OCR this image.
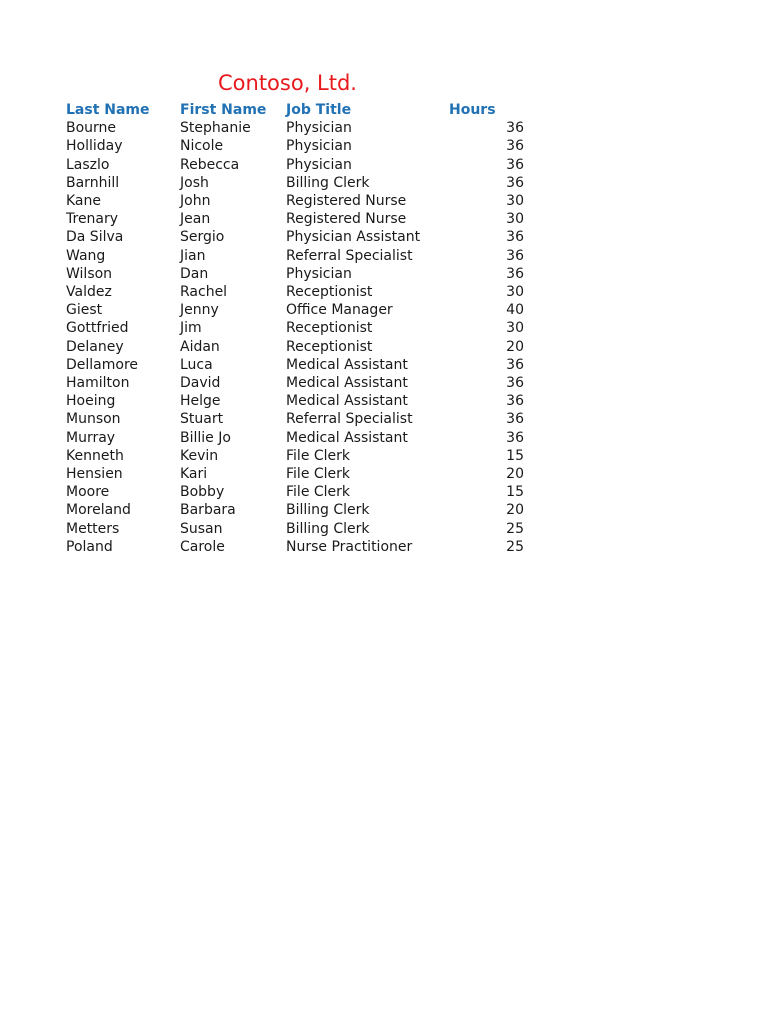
Contoso, Ltd.
Last Name	First Name	Job Title	Hours
Bourne	Stephanie	Physician	36
Holliday	Nicole	Physician	36
Laszlo	Rebecca	Physician	36
Barnhill	Josh	Billing Clerk	36
Kane	John	Registered Nurse	30
Trenary	Jean	Registered Nurse	30
Da Silva	Sergio	Physician Assistant	36
Wang	Jian	Referral Specialist	36
Wilson	Dan	Physician	36
Valdez	Rachel	Receptionist	30
Giest	Jenny	Office Manager	40
Gottfried	Jim	Receptionist	30
Delaney	Aidan	Receptionist	20
Dellamore	Luca	Medical Assistant	36
Hamilton	David	Medical Assistant	36
Hoeing	Helge	Medical Assistant	36
Munson	Stuart	Referral Specialist	36
Murray	Billie Jo	Medical Assistant	36
Kenneth	Kevin	File Clerk	15
Hensien	Kari	File Clerk	20
Moore	Bobby	File Clerk	15
Moreland	Barbara	Billing Clerk	20
Metters	Susan	Billing Clerk	25
Poland	Carole	Nurse Practitioner	25
